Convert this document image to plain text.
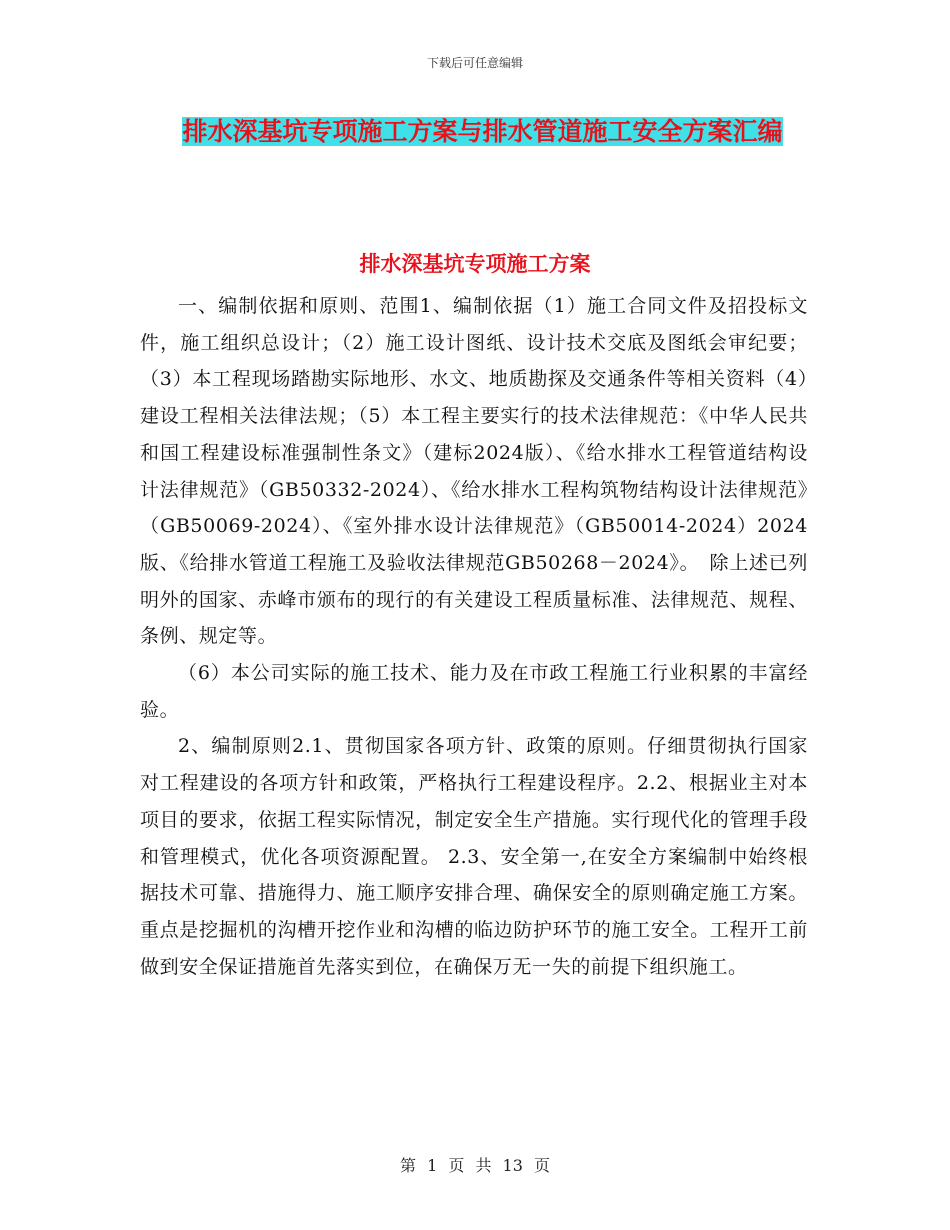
下载后可任意编辑
排水深基坑专项施工方案与排水管道施工安全方案汇编
排水深基坑专项施工方案

一、编制依据和原则、范围1、编制依据（1）施工合同文件及招投标文件，施工组织总设计；（2）施工设计图纸、设计技术交底及图纸会审纪要；（3）本工程现场踏勘实际地形、水文、地质勘探及交通条件等相关资料（4）建设工程相关法律法规；（5）本工程主要实行的技术法律规范：《中华人民共和国工程建设标准强制性条文》（建标2024版）、《给水排水工程管道结构设计法律规范》（GB50332-2024）、《给水排水工程构筑物结构设计法律规范》（GB50069-2024）、《室外排水设计法律规范》（GB50014-2024）2024版、《给排水管道工程施工及验收法律规范GB50268－2024》。　除上述已列明外的国家、赤峰市颁布的现行的有关建设工程质量标准、法律规范、规程、条例、规定等。

（6）本公司实际的施工技术、能力及在市政工程施工行业积累的丰富经验。

2、编制原则2.1、贯彻国家各项方针、政策的原则。仔细贯彻执行国家对工程建设的各项方针和政策，严格执行工程建设程序。2.2、根据业主对本项目的要求，依据工程实际情况，制定安全生产措施。实行现代化的管理手段和管理模式，优化各项资源配置。 2.3、安全第一,在安全方案编制中始终根据技术可靠、措施得力、施工顺序安排合理、确保安全的原则确定施工方案。重点是挖掘机的沟槽开挖作业和沟槽的临边防护环节的施工安全。工程开工前做到安全保证措施首先落实到位，在确保万无一失的前提下组织施工。

第 1 页 共 13 页
